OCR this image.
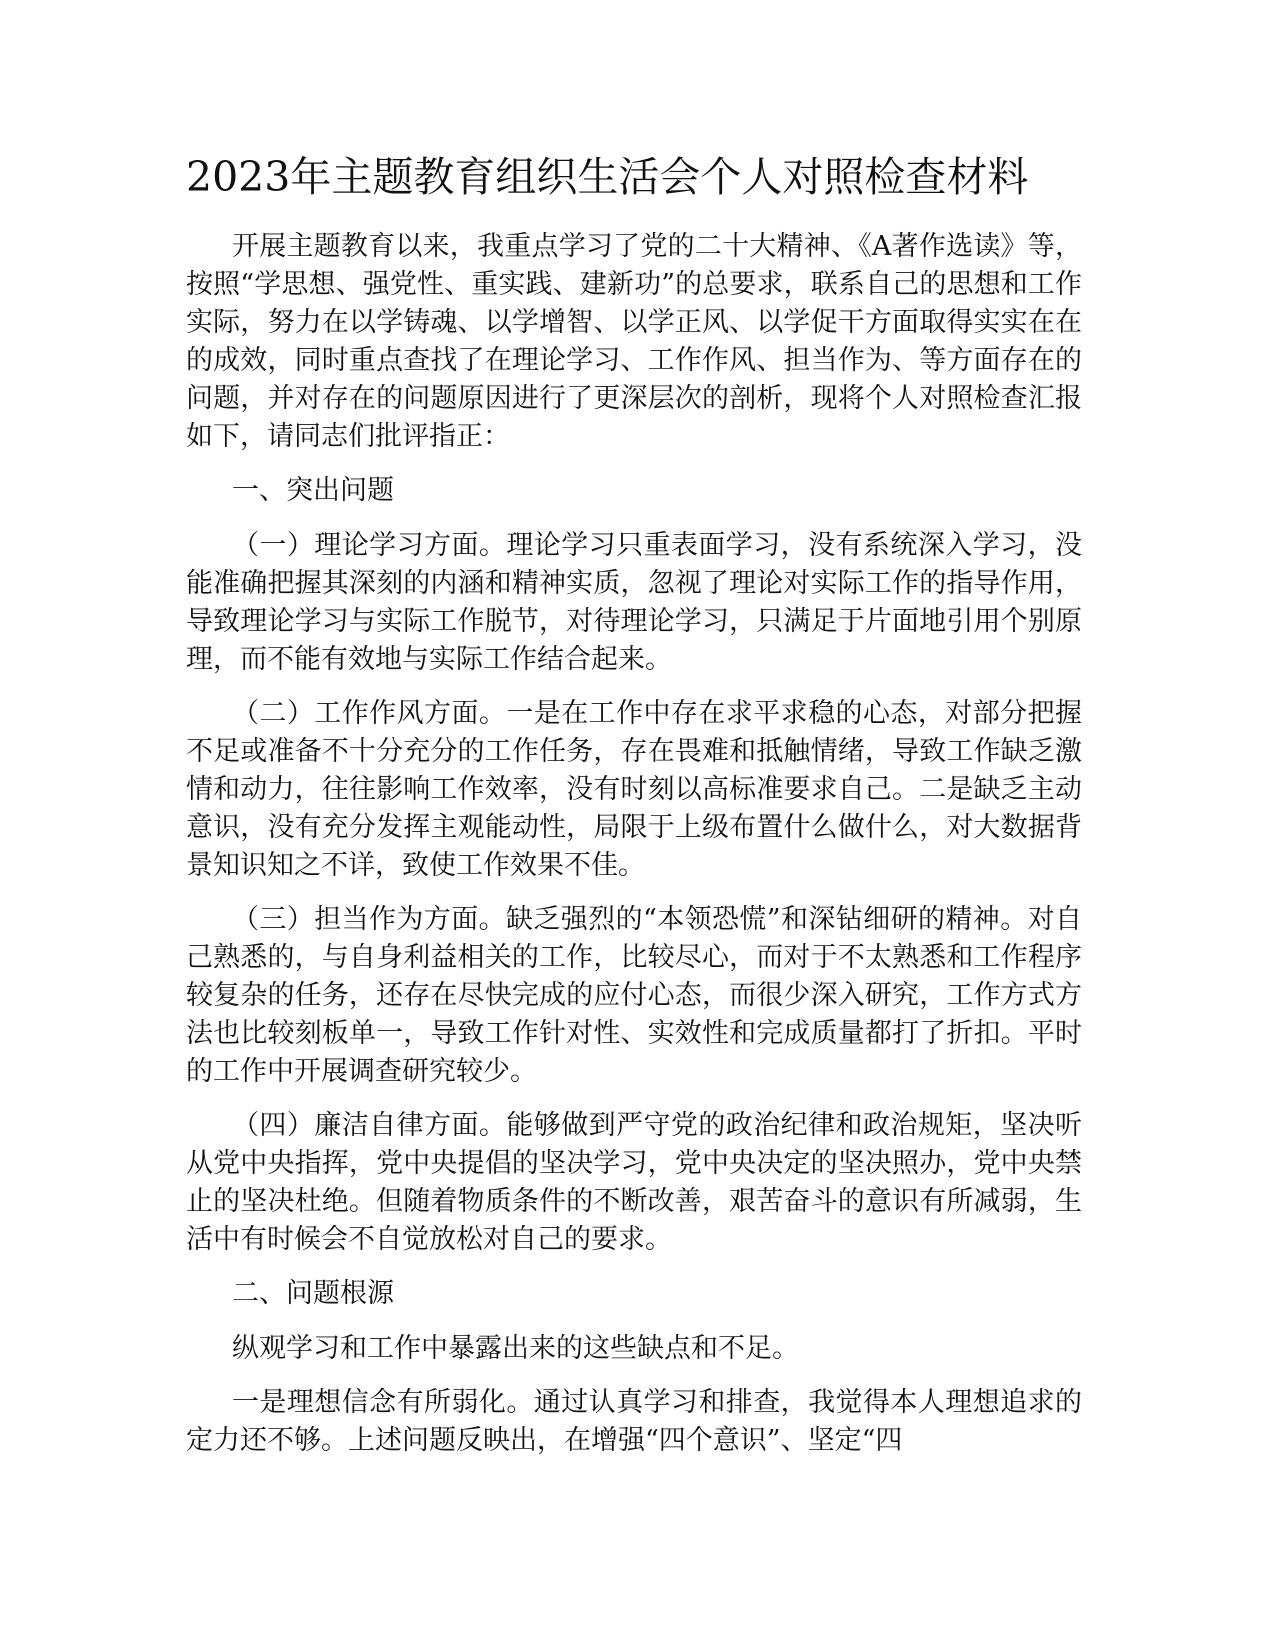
2023年主题教育组织生活会个人对照检查材料

开展主题教育以来，我重点学习了党的二十大精神、《A著作选读》等，按照“学思想、强党性、重实践、建新功”的总要求，联系自己的思想和工作实际，努力在以学铸魂、以学增智、以学正风、以学促干方面取得实实在在的成效，同时重点查找了在理论学习、工作作风、担当作为、等方面存在的问题，并对存在的问题原因进行了更深层次的剖析，现将个人对照检查汇报如下，请同志们批评指正：

一、突出问题

（一）理论学习方面。理论学习只重表面学习，没有系统深入学习，没能准确把握其深刻的内涵和精神实质，忽视了理论对实际工作的指导作用，导致理论学习与实际工作脱节，对待理论学习，只满足于片面地引用个别原理，而不能有效地与实际工作结合起来。

（二）工作作风方面。一是在工作中存在求平求稳的心态，对部分把握不足或准备不十分充分的工作任务，存在畏难和抵触情绪，导致工作缺乏激情和动力，往往影响工作效率，没有时刻以高标准要求自己。二是缺乏主动意识，没有充分发挥主观能动性，局限于上级布置什么做什么，对大数据背景知识知之不详，致使工作效果不佳。

（三）担当作为方面。缺乏强烈的“本领恐慌”和深钻细研的精神。对自己熟悉的，与自身利益相关的工作，比较尽心，而对于不太熟悉和工作程序较复杂的任务，还存在尽快完成的应付心态，而很少深入研究，工作方式方法也比较刻板单一，导致工作针对性、实效性和完成质量都打了折扣。平时的工作中开展调查研究较少。

（四）廉洁自律方面。能够做到严守党的政治纪律和政治规矩，坚决听从党中央指挥，党中央提倡的坚决学习，党中央决定的坚决照办，党中央禁止的坚决杜绝。但随着物质条件的不断改善，艰苦奋斗的意识有所减弱，生活中有时候会不自觉放松对自己的要求。

二、问题根源

纵观学习和工作中暴露出来的这些缺点和不足。

一是理想信念有所弱化。通过认真学习和排查，我觉得本人理想追求的定力还不够。上述问题反映出，在增强“四个意识”、坚定“四
